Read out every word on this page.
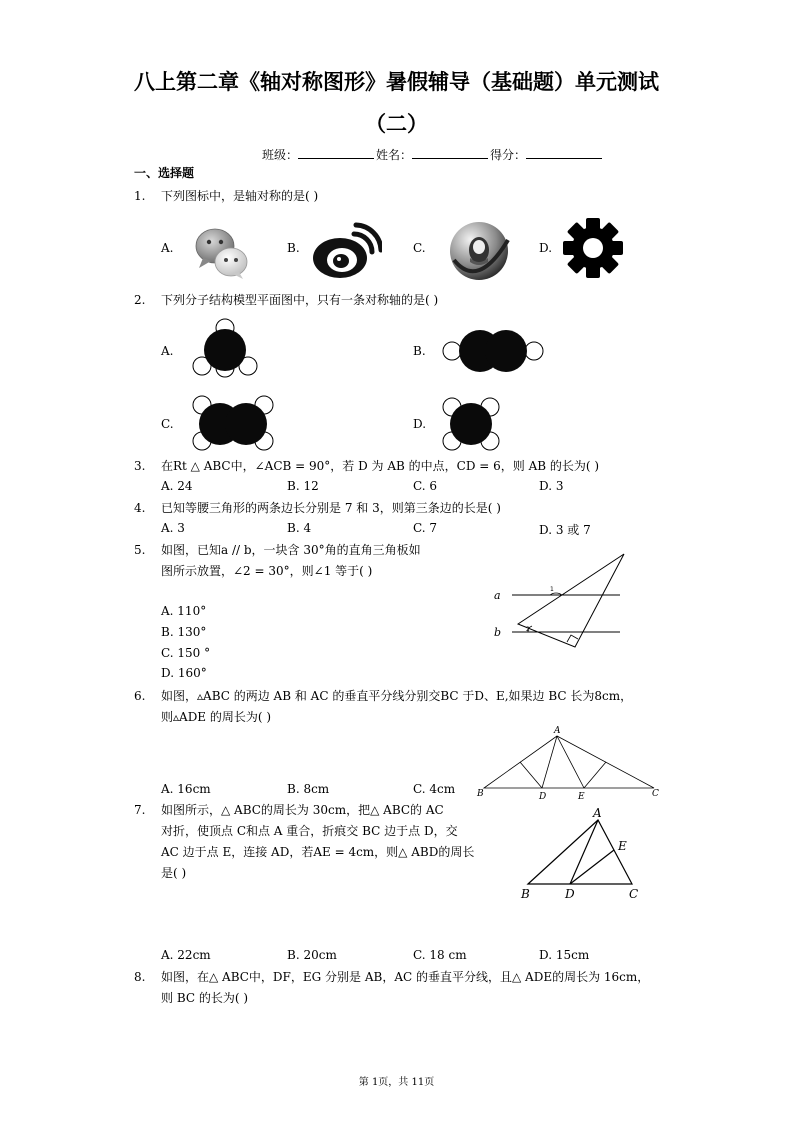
八上第二章《轴对称图形》暑假辅导（基础题）单元测试
（二）
班级：	姓名：	得分：
一、选择题
1.	下列图标中，是轴对称的是( )
A.	B.	C.	D.
2.	下列分子结构模型平面图中，只有一条对称轴的是( )
A.	B.
C.	D.
3.	在Rt △ ABC中，∠ACB = 90°，若 D 为 AB 的中点，CD = 6，则 AB 的长为( )
A. 24	B. 12	C. 6	D. 3
4.	已知等腰三角形的两条边长分别是 7 和 3，则第三条边的长是( )
A. 3	B. 4	C. 7	D. 3 或 7
5.	如图，已知a // b，一块含 30°角的直角三角板如
图所示放置，∠2 = 30°，则∠1 等于( )
A. 110°
B. 130°
C. 150 °
D. 160°
a
b
1
2
6.	如图，▵ABC 的两边 AB 和 AC 的垂直平分线分别交BC 于D、E,如果边 BC 长为8cm，
则▵ADE 的周长为( )
A. 16cm	B. 8cm	C. 4cm
A
B	C
D	E
7.	如图所示，△ ABC的周长为 30cm，把△ ABC的 AC
对折，使顶点 C和点 A 重合，折痕交 BC 边于点 D，交
AC 边于点 E，连接 AD，若AE = 4cm，则△ ABD的周长
是( )
A. 22cm	B. 20cm	C. 18 cm	D. 15cm
A
B	C
D
E
8.	如图，在△ ABC中，DF，EG 分别是 AB，AC 的垂直平分线，且△ ADE的周长为 16cm，
则 BC 的长为( )
第 1页，共 11页
